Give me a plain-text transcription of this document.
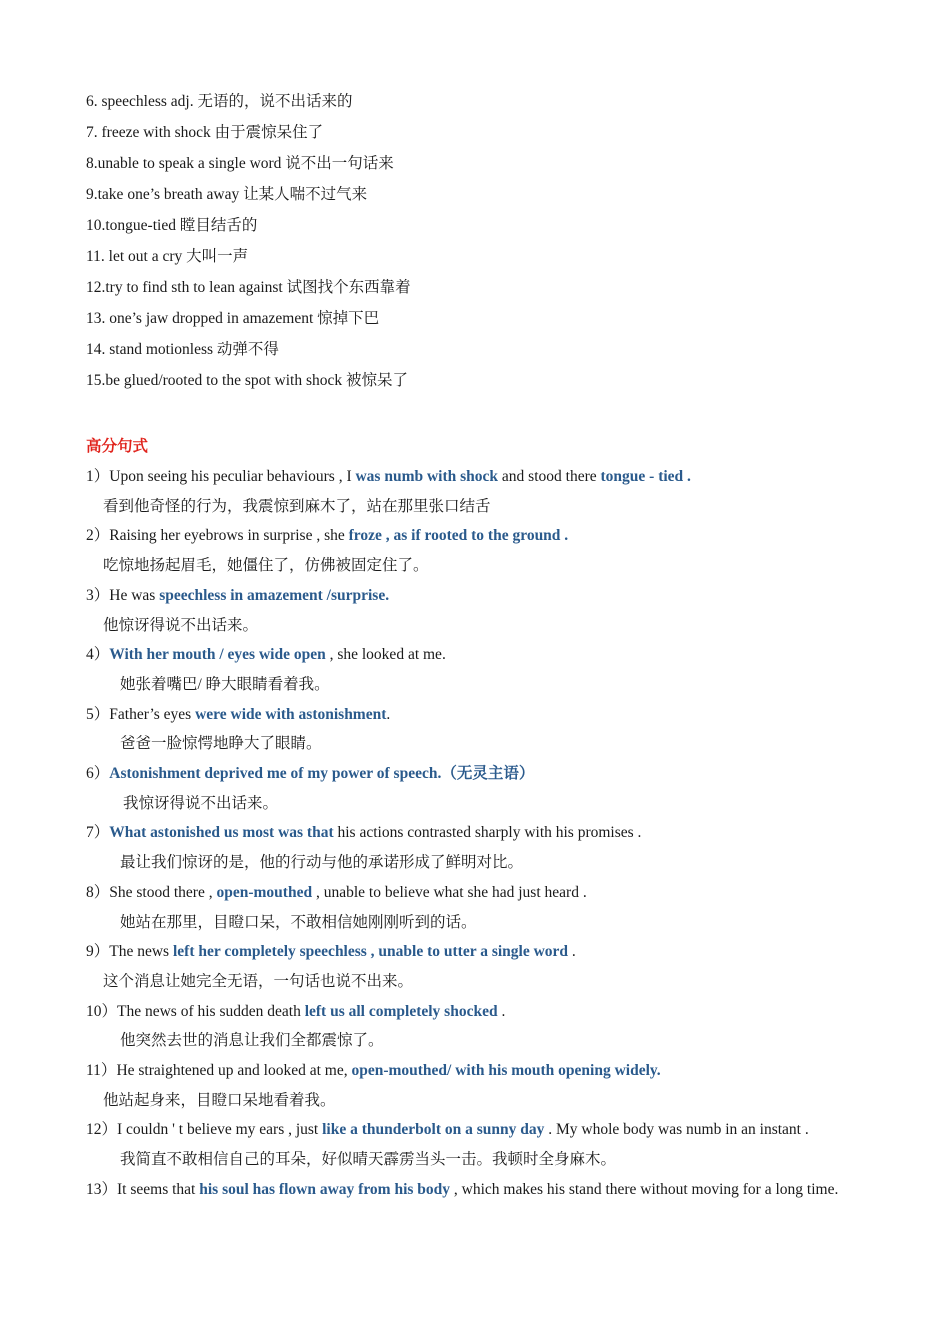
6. speechless adj. 无语的，说不出话来的
7. freeze with shock 由于震惊呆住了
8.unable to speak a single word 说不出一句话来
9.take one’s breath away 让某人喘不过气来
10.tongue-tied 瞠目结舌的
11. let out a cry 大叫一声
12.try to find sth to lean against 试图找个东西靠着
13. one’s jaw dropped in amazement 惊掉下巴
14. stand motionless 动弹不得
15.be glued/rooted to the spot with shock 被惊呆了
高分句式
1）Upon seeing his peculiar behaviours , I was numb with shock and stood there tongue - tied .
看到他奇怪的行为，我震惊到麻木了，站在那里张口结舌
2）Raising her eyebrows in surprise , she froze , as if rooted to the ground .
吃惊地扬起眉毛，她僵住了，仿佛被固定住了。
3）He was speechless in amazement /surprise.
他惊讶得说不出话来。
4）With her mouth / eyes wide open , she looked at me.
她张着嘴巴/ 睁大眼睛看着我。
5）Father’s eyes were wide with astonishment.
爸爸一脸惊愕地睁大了眼睛。
6）Astonishment deprived me of my power of speech.（无灵主语）
我惊讶得说不出话来。
7）What astonished us most was that his actions contrasted sharply with his promises .
最让我们惊讶的是，他的行动与他的承诺形成了鲜明对比。
8）She stood there , open-mouthed , unable to believe what she had just heard .
她站在那里，目瞪口呆，不敢相信她刚刚听到的话。
9）The news left her completely speechless , unable to utter a single word .
这个消息让她完全无语，一句话也说不出来。
10）The news of his sudden death left us all completely shocked .
他突然去世的消息让我们全都震惊了。
11）He straightened up and looked at me, open-mouthed/ with his mouth opening widely.
他站起身来，目瞪口呆地看着我。
12）I couldn ' t believe my ears , just like a thunderbolt on a sunny day . My whole body was numb in an instant .
我简直不敢相信自己的耳朵，好似晴天霹雳当头一击。我顿时全身麻木。
13）It seems that his soul has flown away from his body , which makes his stand there without moving for a long time.
